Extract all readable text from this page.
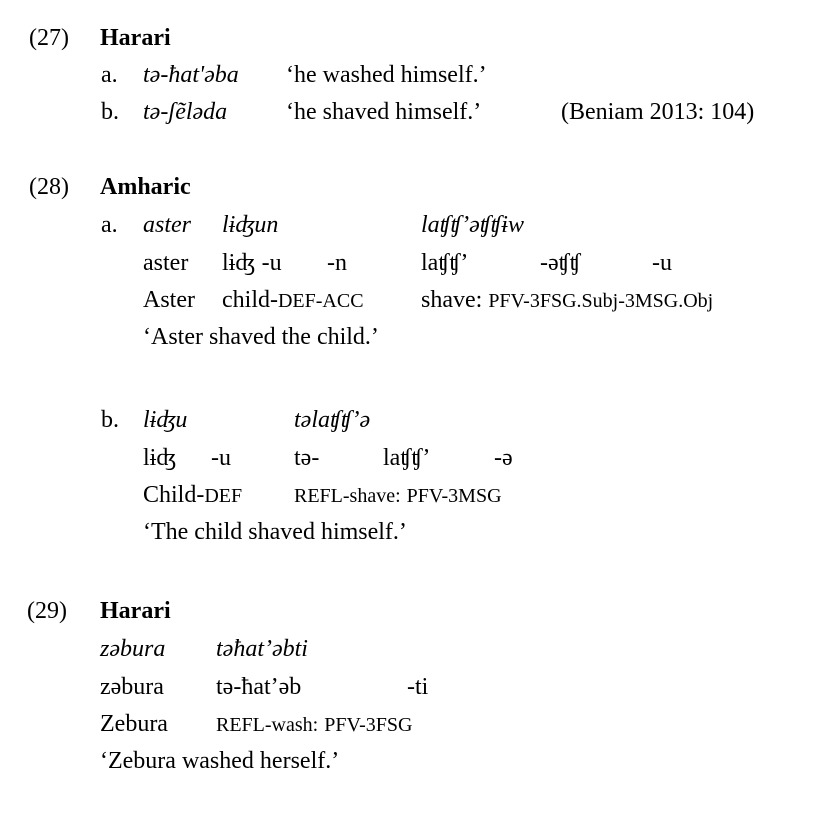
(27) Harari
a. tə-ħat'əba ‘he washed himself.’
b. tə-ʃẽlәda ‘he shaved himself.’	(Beniam 2013: 104)
(28) Amharic
a. aster lɨʤun	laʧʧ’əʧʧɨw
aster lɨʤ -u -n	laʧʧ’	-əʧʧ	-u
Aster child-DEF-ACC shave: PFV-3FSG.Subj-3MSG.Obj
‘Aster shaved the child.’
b. lɨʤu	təlaʧʧ’ə
lɨʤ -u	tə-	laʧʧ’	-ə
Child-DEF	REFL-shave: PFV-3MSG
‘The child shaved himself.’
(29) Harari
zəbura təħat’əbti
zəbura tə-ħat’əb	-ti
Zebura REFL-wash: PFV-3FSG
‘Zebura washed herself.’
